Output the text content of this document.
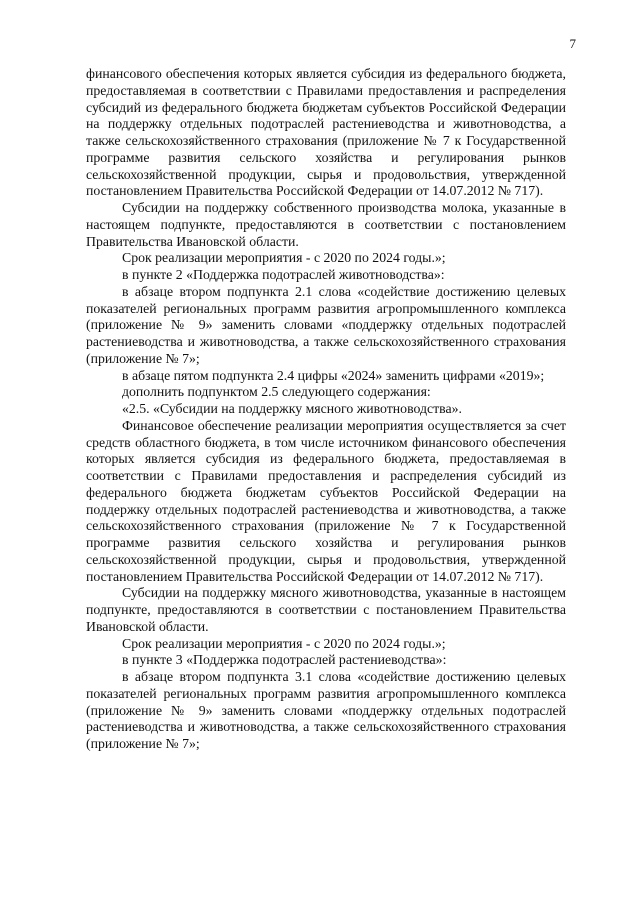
7

финансового обеспечения которых является субсидия из федерального бюджета, предоставляемая в соответствии с Правилами предоставления и распределения субсидий из федерального бюджета бюджетам субъектов Российской Федерации на поддержку отдельных подотраслей растениеводства и животноводства, а также сельскохозяйственного страхования (приложение № 7 к Государственной программе развития сельского хозяйства и регулирования рынков сельскохозяйственной продукции, сырья и продовольствия, утвержденной постановлением Правительства Российской Федерации от 14.07.2012 № 717).

Субсидии на поддержку собственного производства молока, указанные в настоящем подпункте, предоставляются в соответствии с постановлением Правительства Ивановской области.

Срок реализации мероприятия - с 2020 по 2024 годы.»;

в пункте 2 «Поддержка подотраслей животноводства»:

в абзаце втором подпункта 2.1 слова «содействие достижению целевых показателей региональных программ развития агропромышленного комплекса (приложение № 9» заменить словами «поддержку отдельных подотраслей растениеводства и животноводства, а также сельскохозяйственного страхования (приложение № 7»;

в абзаце пятом подпункта 2.4 цифры «2024» заменить цифрами «2019»;

дополнить подпунктом 2.5 следующего содержания:

«2.5. «Субсидии на поддержку мясного животноводства».

Финансовое обеспечение реализации мероприятия осуществляется за счет средств областного бюджета, в том числе источником финансового обеспечения которых является субсидия из федерального бюджета, предоставляемая в соответствии с Правилами предоставления и распределения субсидий из федерального бюджета бюджетам субъектов Российской Федерации на поддержку отдельных подотраслей растениеводства и животноводства, а также сельскохозяйственного страхования (приложение № 7 к Государственной программе развития сельского хозяйства и регулирования рынков сельскохозяйственной продукции, сырья и продовольствия, утвержденной постановлением Правительства Российской Федерации от 14.07.2012 № 717).

Субсидии на поддержку мясного животноводства, указанные в настоящем подпункте, предоставляются в соответствии с постановлением Правительства Ивановской области.

Срок реализации мероприятия - с 2020 по 2024 годы.»;

в пункте 3 «Поддержка подотраслей растениеводства»:

в абзаце втором подпункта 3.1 слова «содействие достижению целевых показателей региональных программ развития агропромышленного комплекса (приложение № 9» заменить словами «поддержку отдельных подотраслей растениеводства и животноводства, а также сельскохозяйственного страхования (приложение № 7»;
